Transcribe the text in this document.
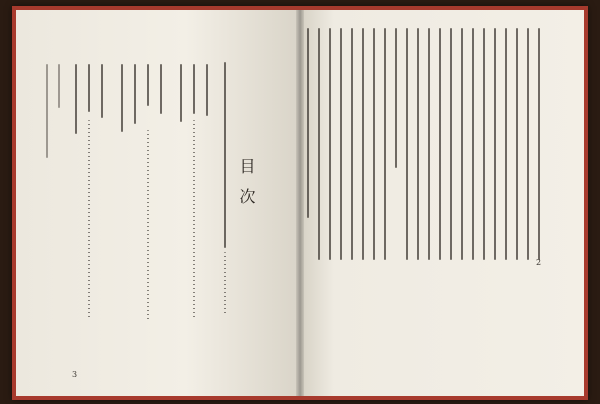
目次
3
2
